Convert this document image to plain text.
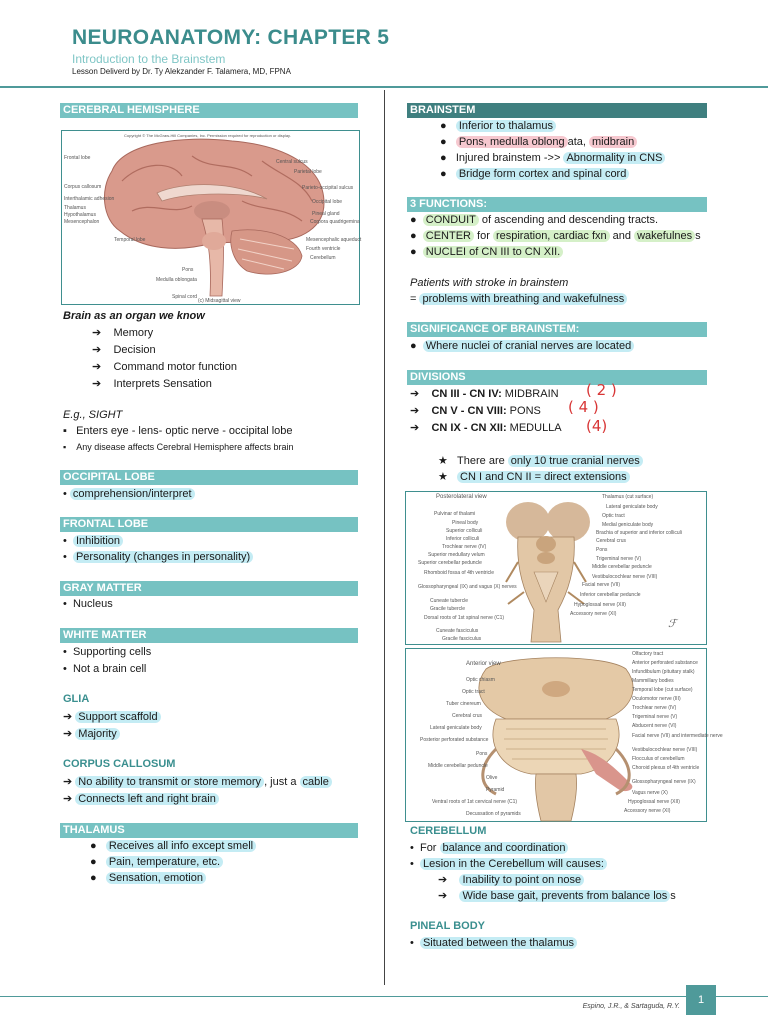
NEUROANATOMY: CHAPTER 5
Introduction to the Brainstem
Lesson Deliverd by Dr. Ty Alekzander F. Talamera, MD, FPNA
CEREBRAL HEMISPHERE
Copyright © The McGraw-Hill Companies, Inc. Permission required for reproduction or display.
Frontal lobe
Corpus callosum
Interthalamic adhesion
Thalamus
Hypothalamus
Mesencephalon
Temporal lobe
Pons
Medulla oblongata
Spinal cord
Central sulcus
Parietal lobe
Parieto-occipital sulcus
Occipital lobe
Pineal gland
Corpora quadrigemina
Mesencephalic aqueduct
Fourth ventricle
Cerebellum
(c) Midsagittal view
Brain as an organ we know
➔    Memory
➔    Decision
➔    Command motor function
➔    Interprets Sensation
E.g., SIGHT
▪   Enters eye - lens- optic nerve - occipital lobe
▪    Any disease affects Cerebral Hemisphere affects brain
OCCIPITAL LOBE
• comprehension/interpret
FRONTAL LOBE
•  Inhibition
•  Personality (changes in personality)
GRAY MATTER
•  Nucleus
WHITE MATTER
•  Supporting cells
•  Not a brain cell
GLIA
➔ Support scaffold
➔ Majority
CORPUS CALLOSUM
➔ No ability to transmit or store memory , just a cable
➔ Connects left and right brain
THALAMUS
●   Receives all info except smell
●   Pain, temperature, etc.
●   Sensation, emotion
BRAINSTEM
●   Inferior to thalamus
●   Pons, medulla oblong ata, midbrain
●   Injured brainstem ->> Abnormality in CNS
●   Bridge form cortex and spinal cord
3 FUNCTIONS:
●  CONDUIT of ascending and descending tracts.
●  CENTER for respiration, cardiac fxn and wakefulnes s
●  NUCLEI of CN III to CN XII.
Patients with stroke in brainstem
= problems with breathing and wakefulness
SIGNIFICANCE OF BRAINSTEM:
●  Where nuclei of cranial nerves are located
DIVISIONS
➔    CN III - CN IV: MIDBRAIN ( 2 )
➔    CN V - CN VIII: PONS ( 4 )
➔    CN IX - CN XII: MEDULLA (4)
★   There are only 10 true cranial nerves
★   CN I and CN II = direct extensions
Posterolateral view
Pulvinar of thalami
Pineal body
Superior colliculi
Inferior colliculi
Trochlear nerve (IV)
Superior medullary velum
Superior cerebellar peduncle
Rhomboid fossa of 4th ventricle
Glossopharyngeal (IX) and vagus (X) nerves
Cuneate tubercle
Gracile tubercle
Dorsal roots of 1st spinal nerve (C1)
Cuneate fasciculus
Gracile fasciculus
Thalamus (cut surface)
Lateral geniculate body
Optic tract
Medial geniculate body
Brachia of superior and inferior colliculi
Cerebral crus
Pons
Trigeminal nerve (V)
Middle cerebellar peduncle
Vestibulocochlear nerve (VIII)
Facial nerve (VII)
Inferior cerebellar peduncle
Hypoglossal nerve (XII)
Accessory nerve (XI)
ℱ
Anterior view
Optic chiasm
Optic tract
Tuber cinereum
Cerebral crus
Lateral geniculate body
Posterior perforated substance
Pons
Middle cerebellar peduncle
Olive
Pyramid
Ventral roots of 1st cervical nerve (C1)
Decussation of pyramids
Olfactory tract
Anterior perforated substance
Infundibulum (pituitary stalk)
Mammillary bodies
Temporal lobe (cut surface)
Oculomotor nerve (III)
Trochlear nerve (IV)
Trigeminal nerve (V)
Abducent nerve (VI)
Facial nerve (VII) and intermediate nerve
Vestibulocochlear nerve (VIII)
Flocculus of cerebellum
Choroid plexus of 4th ventricle
Glossopharyngeal nerve (IX)
Vagus nerve (X)
Hypoglossal nerve (XII)
Accessory nerve (XI)
CEREBELLUM
•  For balance and coordination
•  Lesion in the Cerebellum will causes:
➔    Inability to point on nose
➔    Wide base gait, prevents from balance los s
PINEAL BODY
•  Situated between the thalamus
Espino, J.R., & Sartaguda, R.Y.
1
